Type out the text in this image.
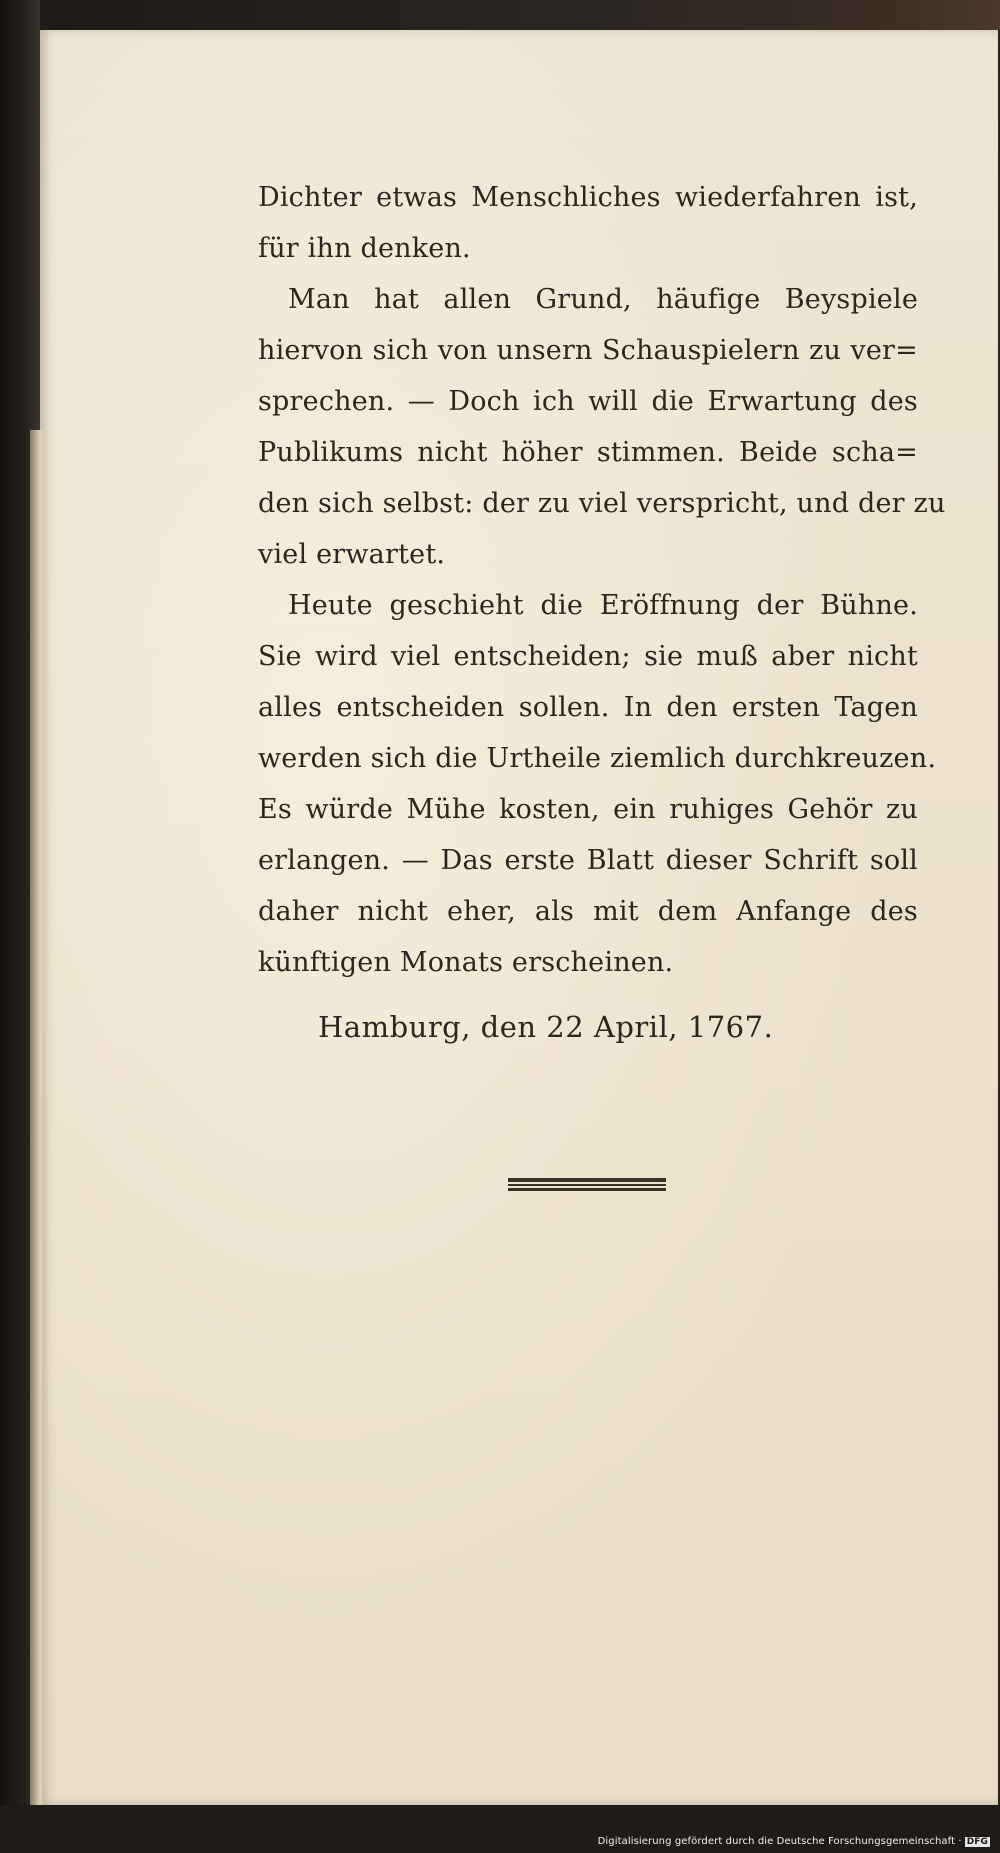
Dichter etwas Menschliches wiederfahren ist,
für ihn denken.
Man hat allen Grund, häufige Beyspiele
hiervon sich von unsern Schauspielern zu ver=
sprechen. — Doch ich will die Erwartung des
Publikums nicht höher stimmen. Beide scha=
den sich selbst: der zu viel verspricht, und der zu
viel erwartet.
Heute geschieht die Eröffnung der Bühne.
Sie wird viel entscheiden; sie muß aber nicht
alles entscheiden sollen. In den ersten Tagen
werden sich die Urtheile ziemlich durchkreuzen.
Es würde Mühe kosten, ein ruhiges Gehör zu
erlangen. — Das erste Blatt dieser Schrift soll
daher nicht eher, als mit dem Anfange des
künftigen Monats erscheinen.
Hamburg, den 22 April, 1767.
Digitalisierung gefördert durch die Deutsche Forschungsgemeinschaft · DFG
